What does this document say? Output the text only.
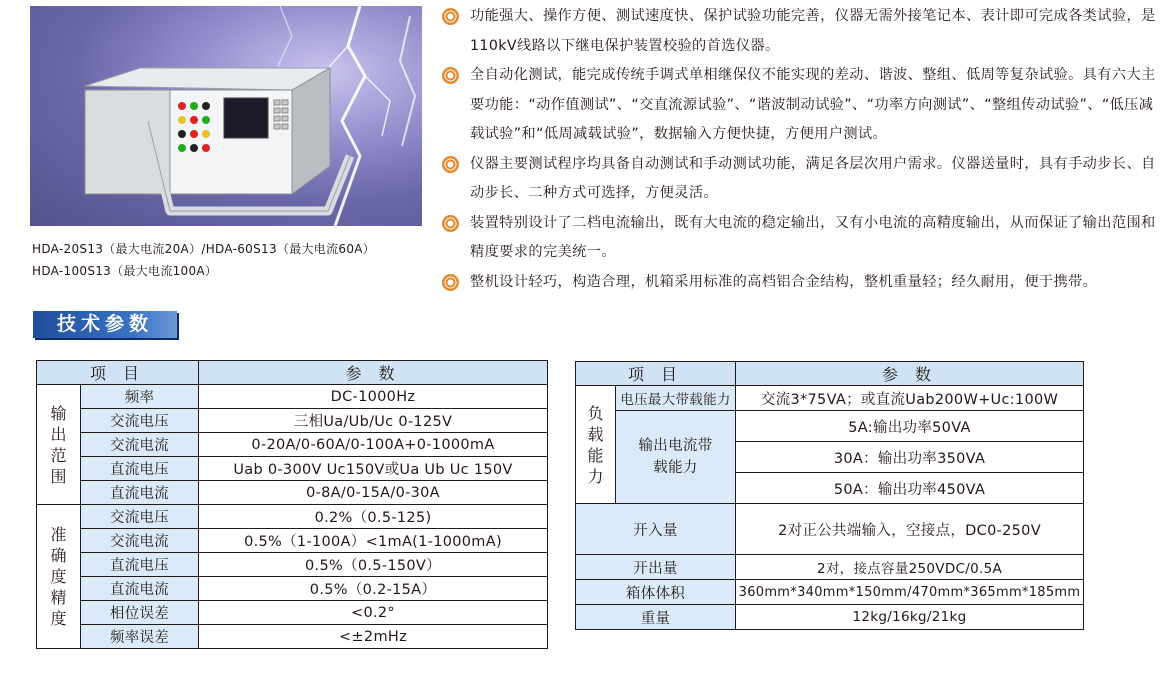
HDA-20S13（最大电流20A）/HDA-60S13（最大电流60A）
HDA-100S13（最大电流100A）
功能强大、操作方便、测试速度快、保护试验功能完善，仪器无需外接笔记本、表计即可完成各类试验，是110kV线路以下继电保护装置校验的首选仪器。
全自动化测试，能完成传统手调式单相继保仪不能实现的差动、谐波、整组、低周等复杂试验。具有六大主要功能：“动作值测试”、“交直流源试验”、“谐波制动试验”、“功率方向测试”、“整组传动试验”、“低压减载试验”和“低周减载试验”，数据输入方便快捷，方便用户测试。
仪器主要测试程序均具备自动测试和手动测试功能，满足各层次用户需求。仪器送量时，具有手动步长、自动步长、二种方式可选择，方便灵活。
装置特别设计了二档电流输出，既有大电流的稳定输出，又有小电流的高精度输出，从而保证了输出范围和精度要求的完美统一。
整机设计轻巧，构造合理，机箱采用标准的高档铝合金结构，整机重量轻；经久耐用，便于携带。
技术参数
项 目		参 数
输出范围	频率	DC-1000Hz
	交流电压	三相Ua/Ub/Uc 0-125V
	交流电流	0-20A/0-60A/0-100A+0-1000mA
	直流电压	Uab 0-300V Uc150V或Ua Ub Uc 150V
	直流电流	0-8A/0-15A/0-30A
准确度精度	交流电压	0.2%（0.5-125)
	交流电流	0.5%（1-100A）<1mA(1-1000mA)
	直流电压	0.5%（0.5-150V）
	直流电流	0.5%（0.2-15A）
	相位误差	<0.2°
	频率误差	<±2mHz
项 目		参 数
负载能力	电压最大带载能力	交流3*75VA；或直流Uab200W+Uc:100W
	输出电流带载能力	5A:输出功率50VA
		30A：输出功率350VA
		50A：输出功率450VA
开入量		2对正公共端输入，空接点，DC0-250V
开出量		2对，接点容量250VDC/0.5A
箱体体积		360mm*340mm*150mm/470mm*365mm*185mm
重量		12kg/16kg/21kg
